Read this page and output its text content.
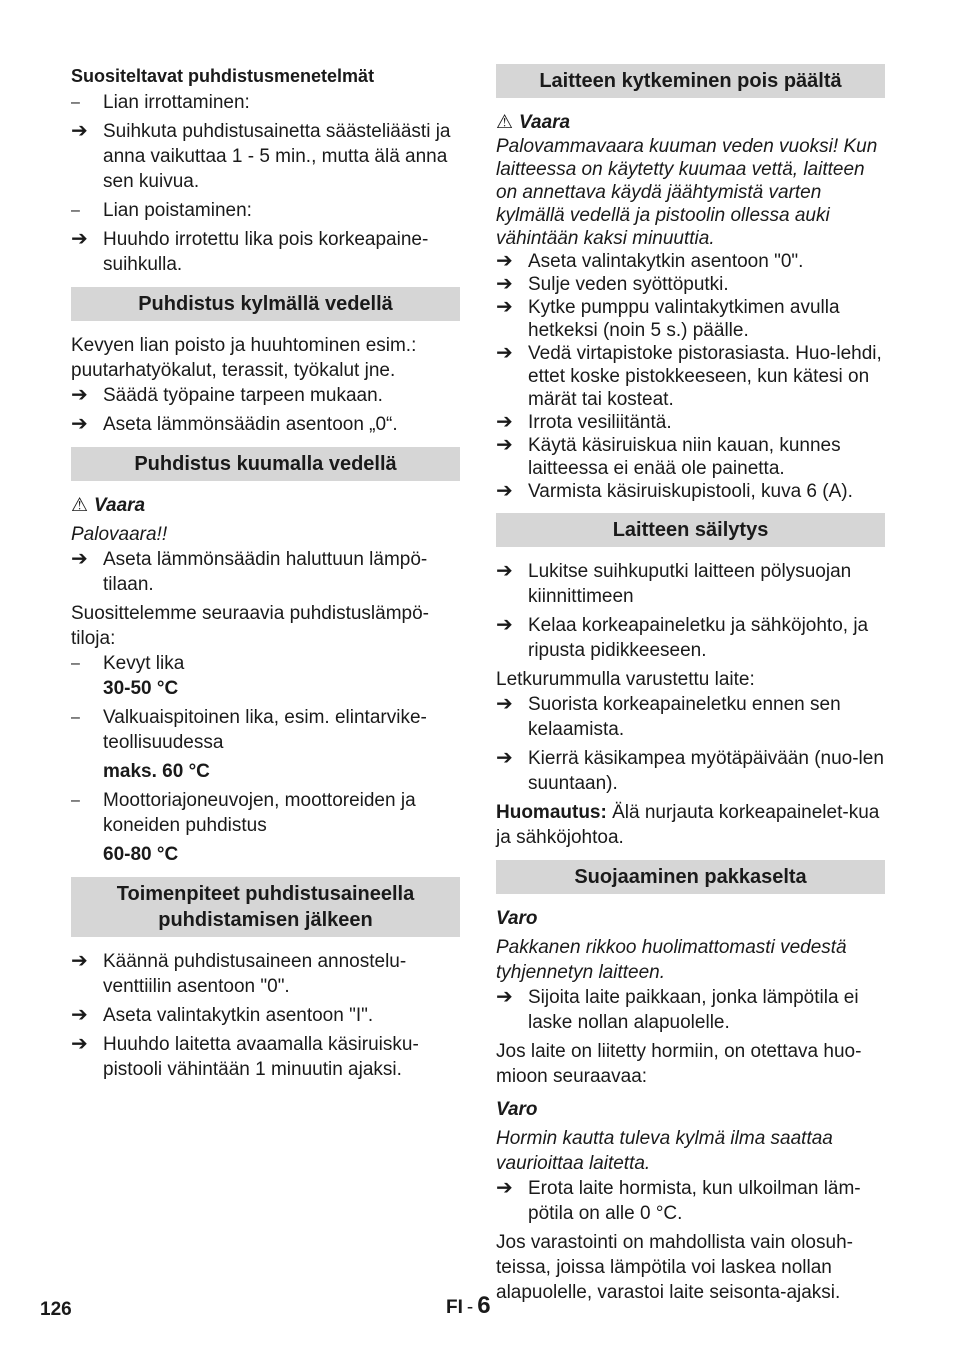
Suositeltavat puhdistusmenetelmät
–	Lian irrottaminen:
➔ Suihkuta puhdistusainetta säästeliäästi ja anna vaikuttaa 1 - 5 min., mutta älä anna sen kuivua.
–	Lian poistaminen:
➔ Huuhdo irrotettu lika pois korkeapaine-suihkulla.
Puhdistus kylmällä vedellä

Kevyen lian poisto ja huuhtominen esim.: puutarhatyökalut, terassit, työkalut jne.

➔ Säädä työpaine tarpeen mukaan.
➔ Aseta lämmönsäädin asentoon „0“.
Puhdistus kuumalla vedellä
⚠ Vaara

Palovaara!!

➔ Aseta lämmönsäädin haluttuun lämpö-tilaan.

Suosittelemme seuraavia puhdistuslämpö-tiloja:

–	Kevyt lika
30-50 °C
–	Valkuaispitoinen lika, esim. elintarvike-teollisuudessa
maks. 60 °C
–	Moottoriajoneuvojen, moottoreiden ja koneiden puhdistus
60-80 °C
Toimenpiteet puhdistusaineella
puhdistamisen jälkeen
➔ Käännä puhdistusaineen annostelu-venttiilin asentoon "0".
➔ Aseta valintakytkin asentoon "I".
➔ Huuhdo laitetta avaamalla käsiruisku-pistooli vähintään 1 minuutin ajaksi.
Laitteen kytkeminen pois päältä
⚠ Vaara

Palovammavaara kuuman veden vuoksi! Kun laitteessa on käytetty kuumaa vettä, laitteen on annettava käydä jäähtymistä varten kylmällä vedellä ja pistoolin ollessa auki vähintään kaksi minuuttia.

➔ Aseta valintakytkin asentoon "0".
➔ Sulje veden syöttöputki.
➔ Kytke pumppu valintakytkimen avulla hetkeksi (noin 5 s.) päälle.
➔ Vedä virtapistoke pistorasiasta. Huo-lehdi, ettet koske pistokkeeseen, kun kätesi on märät tai kosteat.
➔ Irrota vesiliitäntä.
➔ Käytä käsiruiskua niin kauan, kunnes laitteessa ei enää ole painetta.
➔ Varmista käsiruiskupistooli, kuva 6 (A).
Laitteen säilytys
➔ Lukitse suihkuputki laitteen pölysuojan kiinnittimeen
➔ Kelaa korkeapaineletku ja sähköjohto, ja ripusta pidikkeeseen.

Letkurummulla varustettu laite:

➔ Suorista korkeapaineletku ennen sen kelaamista.
➔ Kierrä käsikampea myötäpäivään (nuo-len suuntaan).

Huomautus: Älä nurjauta korkeapainelet-kua ja sähköjohtoa.

Suojaaminen pakkaselta
Varo

Pakkanen rikkoo huolimattomasti vedestä tyhjennetyn laitteen.

➔ Sijoita laite paikkaan, jonka lämpötila ei laske nollan alapuolelle.

Jos laite on liitetty hormiin, on otettava huo-mioon seuraavaa:

Varo

Hormin kautta tuleva kylmä ilma saattaa vaurioittaa laitetta.

➔ Erota laite hormista, kun ulkoilman läm-pötila on alle 0 °C.

Jos varastointi on mahdollista vain olosuh-teissa, joissa lämpötila voi laskea nollan alapuolelle, varastoi laite seisonta-ajaksi.

126	FI - 6
